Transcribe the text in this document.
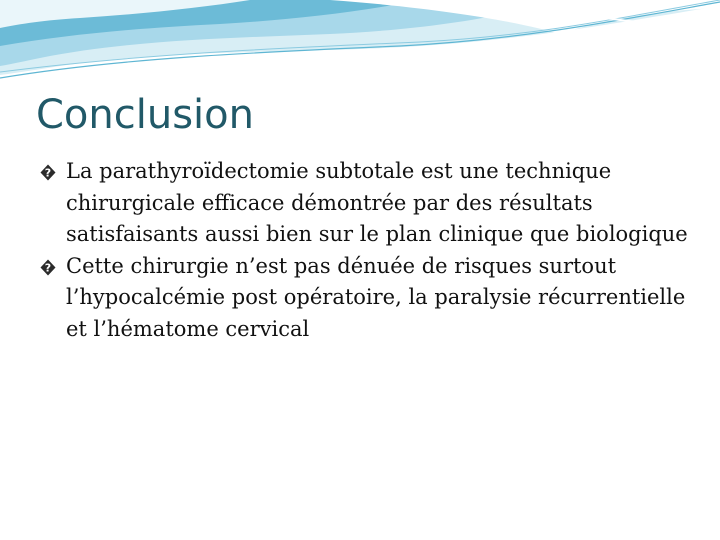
Conclusion
? La parathyroïdectomie subtotale est une technique chirurgicale efficace démontrée par des résultats satisfaisants aussi bien sur le plan clinique que biologique
? Cette chirurgie n’est pas dénuée de risques surtout l’hypocalcémie post opératoire, la paralysie récurrentielle et l’hématome cervical
